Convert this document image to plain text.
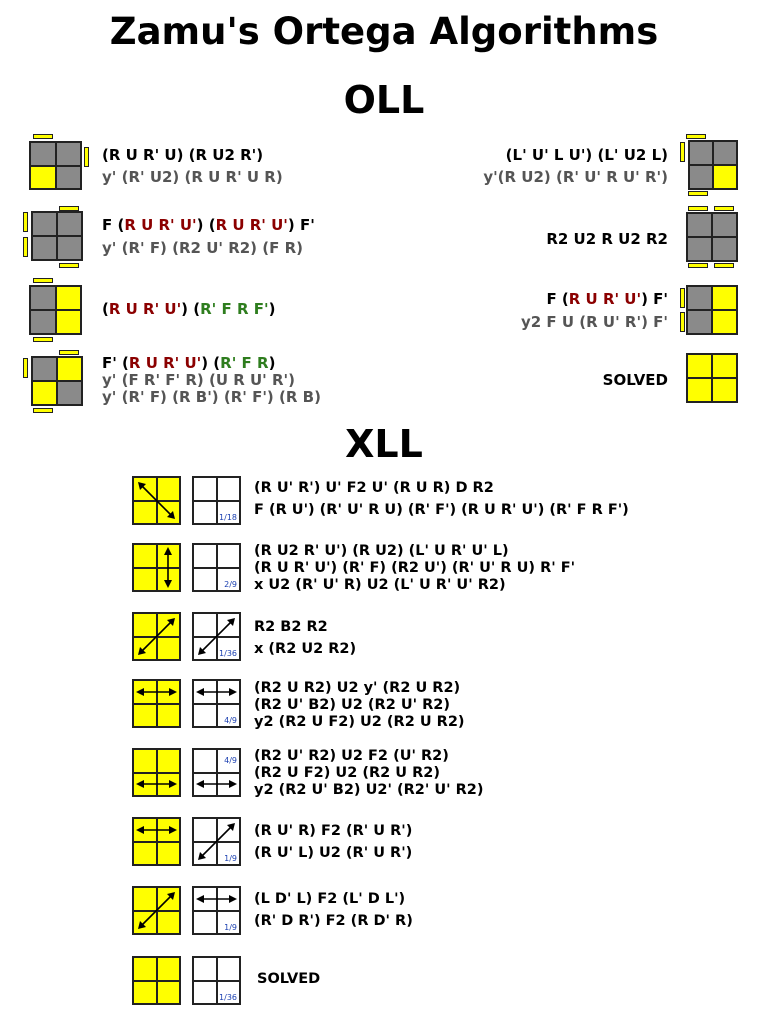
Zamu's Ortega Algorithms
OLL
(R U R' U) (R U2 R')
y' (R' U2) (R U R' U R)
F (R U R' U') (R U R' U') F'
y' (R' F) (R2 U' R2) (F R)
(R U R' U') (R' F R F')
F' (R U R' U') (R' F R)
y' (F R' F' R) (U R U' R')
y' (R' F) (R B') (R' F') (R B)
(L' U' L U') (L' U2 L)
y'(R U2) (R' U' R U' R')
R2 U2 R U2 R2
F (R U R' U') F'
y2 F U (R U' R') F'
SOLVED
XLL
1/18
(R U' R') U' F2 U' (R U R) D R2
F (R U') (R' U' R U) (R' F') (R U R' U') (R' F R F')
2/9
(R U2 R' U') (R U2) (L' U R' U' L)
(R U R' U') (R' F) (R2 U') (R' U' R U) R' F'
x U2 (R' U' R) U2 (L' U R' U' R2)
1/36
R2 B2 R2
x (R2 U2 R2)
4/9
(R2 U R2) U2 y' (R2 U R2)
(R2 U' B2) U2 (R2 U' R2)
y2 (R2 U F2) U2 (R2 U R2)
4/9 (R2 U' R2) U2 F2 (U' R2)
(R2 U F2) U2 (R2 U R2)
y2 (R2 U' B2) U2' (R2' U' R2)
1/9
(R U' R) F2 (R' U R')
(R U' L) U2 (R' U R')
1/9
(L D' L) F2 (L' D L')
(R' D R') F2 (R D' R)
1/36
SOLVED
